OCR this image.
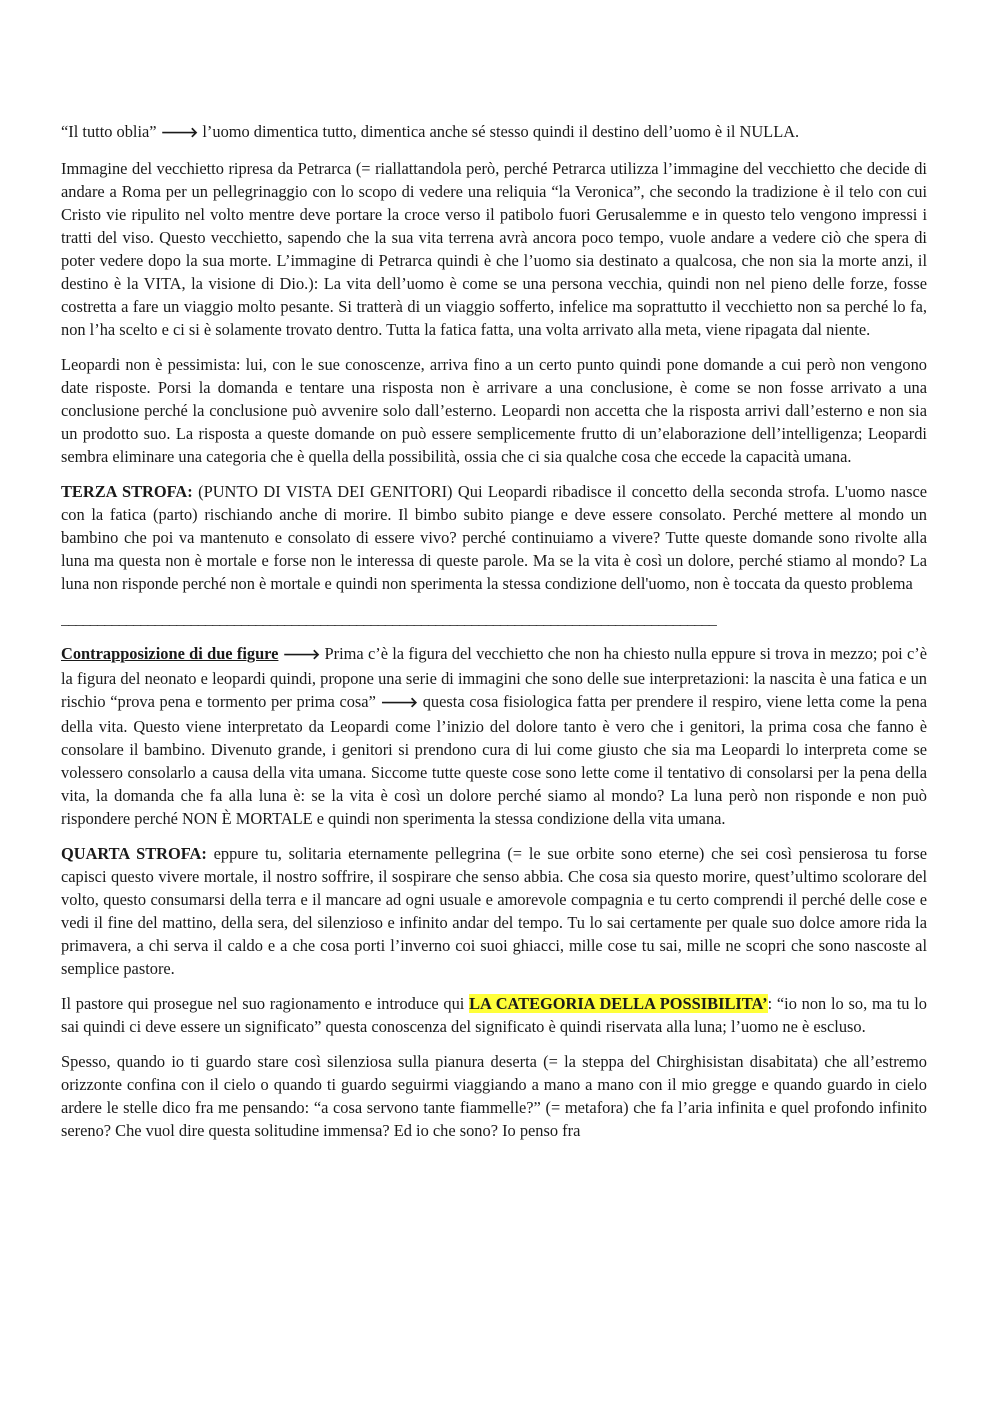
“Il tutto oblia” 🡒 l’uomo dimentica tutto, dimentica anche sé stesso quindi il destino dell’uomo è il NULLA.

Immagine del vecchietto ripresa da Petrarca (= riallattandola però, perché Petrarca utilizza l’immagine del vecchietto che decide di andare a Roma per un pellegrinaggio con lo scopo di vedere una reliquia “la Veronica”, che secondo la tradizione è il telo con cui Cristo vie ripulito nel volto mentre deve portare la croce verso il patibolo fuori Gerusalemme e in questo telo vengono impressi i tratti del viso. Questo vecchietto, sapendo che la sua vita terrena avrà ancora poco tempo, vuole andare a vedere ciò che spera di poter vedere dopo la sua morte. L’immagine di Petrarca quindi è che l’uomo sia destinato a qualcosa, che non sia la morte anzi, il destino è la VITA, la visione di Dio.): La vita dell’uomo è come se una persona vecchia, quindi non nel pieno delle forze, fosse costretta a fare un viaggio molto pesante. Si tratterà di un viaggio sofferto, infelice ma soprattutto il vecchietto non sa perché lo fa, non l’ha scelto e ci si è solamente trovato dentro. Tutta la fatica fatta, una volta arrivato alla meta, viene ripagata dal niente.

Leopardi non è pessimista: lui, con le sue conoscenze, arriva fino a un certo punto quindi pone domande a cui però non vengono date risposte. Porsi la domanda e tentare una risposta non è arrivare a una conclusione, è come se non fosse arrivato a una conclusione perché la conclusione può avvenire solo dall’esterno. Leopardi non accetta che la risposta arrivi dall’esterno e non sia un prodotto suo. La risposta a queste domande on può essere semplicemente frutto di un’elaborazione dell’intelligenza; Leopardi sembra eliminare una categoria che è quella della possibilità, ossia che ci sia qualche cosa che eccede la capacità umana.

TERZA STROFA: (PUNTO DI VISTA DEI GENITORI) Qui Leopardi ribadisce il concetto della seconda strofa. L'uomo nasce con la fatica (parto) rischiando anche di morire. Il bimbo subito piange e deve essere consolato. Perché mettere al mondo un bambino che poi va mantenuto e consolato di essere vivo? perché continuiamo a vivere? Tutte queste domande sono rivolte alla luna ma questa non è mortale e forse non le interessa di queste parole. Ma se la vita è così un dolore, perché stiamo al mondo? La luna non risponde perché non è mortale e quindi non sperimenta la stessa condizione dell'uomo, non è toccata da questo problema

___________________________________________________________________________________________

Contrapposizione di due figure 🡒 Prima c’è la figura del vecchietto che non ha chiesto nulla eppure si trova in mezzo; poi c’è la figura del neonato e leopardi quindi, propone una serie di immagini che sono delle sue interpretazioni: la nascita è una fatica e un rischio “prova pena e tormento per prima cosa” 🡒 questa cosa fisiologica fatta per prendere il respiro, viene letta come la pena della vita. Questo viene interpretato da Leopardi come l’inizio del dolore tanto è vero che i genitori, la prima cosa che fanno è consolare il bambino. Divenuto grande, i genitori si prendono cura di lui come giusto che sia ma Leopardi lo interpreta come se volessero consolarlo a causa della vita umana. Siccome tutte queste cose sono lette come il tentativo di consolarsi per la pena della vita, la domanda che fa alla luna è: se la vita è così un dolore perché siamo al mondo? La luna però non risponde e non può rispondere perché NON È MORTALE e quindi non sperimenta la stessa condizione della vita umana.

QUARTA STROFA: eppure tu, solitaria eternamente pellegrina (= le sue orbite sono eterne) che sei così pensierosa tu forse capisci questo vivere mortale, il nostro soffrire, il sospirare che senso abbia. Che cosa sia questo morire, quest’ultimo scolorare del volto, questo consumarsi della terra e il mancare ad ogni usuale e amorevole compagnia e tu certo comprendi il perché delle cose e vedi il fine del mattino, della sera, del silenzioso e infinito andar del tempo. Tu lo sai certamente per quale suo dolce amore rida la primavera, a chi serva il caldo e a che cosa porti l’inverno coi suoi ghiacci, mille cose tu sai, mille ne scopri che sono nascoste al semplice pastore.

Il pastore qui prosegue nel suo ragionamento e introduce qui LA CATEGORIA DELLA POSSIBILITA’: “io non lo so, ma tu lo sai quindi ci deve essere un significato” questa conoscenza del significato è quindi riservata alla luna; l’uomo ne è escluso.

Spesso, quando io ti guardo stare così silenziosa sulla pianura deserta (= la steppa del Chirghisistan disabitata) che all’estremo orizzonte confina con il cielo o quando ti guardo seguirmi viaggiando a mano a mano con il mio gregge e quando guardo in cielo ardere le stelle dico fra me pensando: “a cosa servono tante fiammelle?” (= metafora) che fa l’aria infinita e quel profondo infinito sereno? Che vuol dire questa solitudine immensa? Ed io che sono? Io penso fra
